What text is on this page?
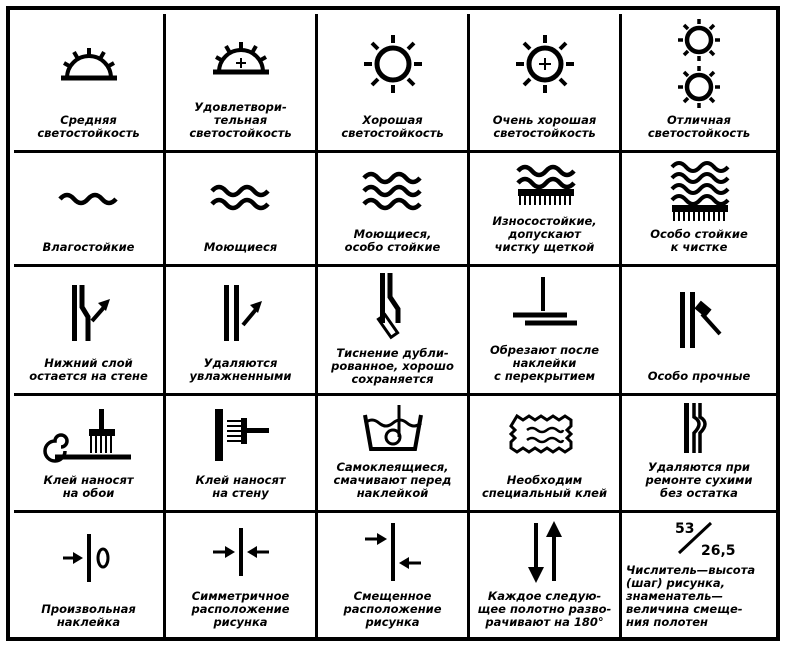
Средняя
светостойкость
Удовлетвори-
тельная
светостойкость
Хорошая
светостойкость
Очень хорошая
светостойкость
Отличная
светостойкость
Влагостойкие	Моющиеся
Моющиеся,
особо стойкие
Износостойкие,
допускают
чистку щеткой
Особо стойкие
к чистке
Нижний слой
остается на стене
Удаляются
увлажненными
Тиснение дубли-
рованное, хорошо
сохраняется
Обрезают после
наклейки
с перекрытием	Особо прочные
Клей наносят
на обои
Клей наносят
на стену
Самоклеящиеся,
смачивают перед
наклейкой
Необходим
специальный клей
Удаляются при
ремонте сухими
без остатка
Произвольная
наклейка
Симметричное
расположение
рисунка
Смещенное
расположение
рисунка
Каждое следую-
щее полотно разво-
рачивают на 180°
53
26,5
Числитель—высота
(шаг) рисунка,
знаменатель—
величина смеще-
ния полотен
